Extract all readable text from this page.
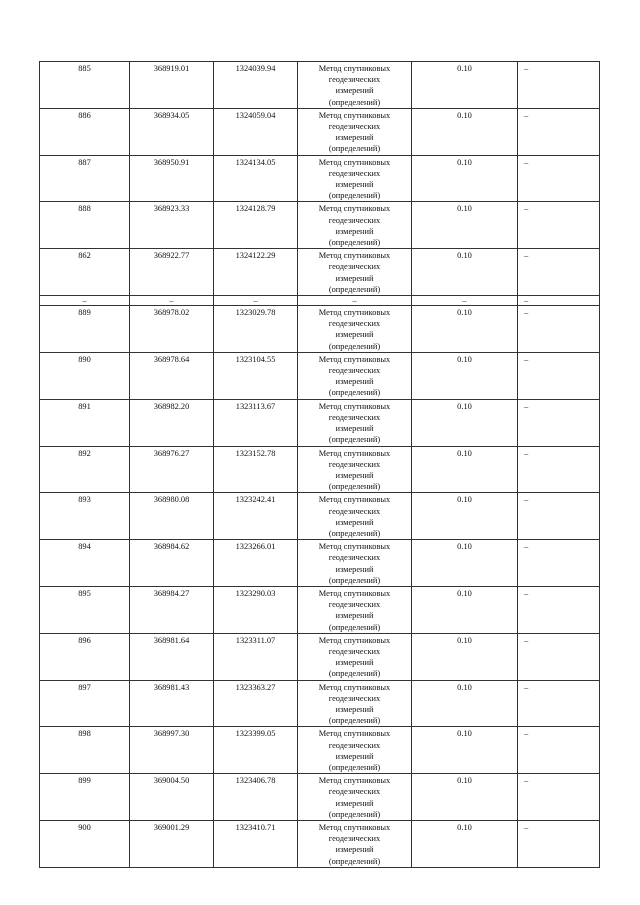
885	368919.01	1324039.94	Метод спутниковых
геодезических
измерений
(определений)	0.10	–
886	368934.05	1324059.04	Метод спутниковых
геодезических
измерений
(определений)	0.10	–
887	368950.91	1324134.05	Метод спутниковых
геодезических
измерений
(определений)	0.10	–
888	368923.33	1324128.79	Метод спутниковых
геодезических
измерений
(определений)	0.10	–
862	368922.77	1324122.29	Метод спутниковых
геодезических
измерений
(определений)	0.10	–
–	–	–	–	–	–
889	368978.02	1323029.78	Метод спутниковых
геодезических
измерений
(определений)	0.10	–
890	368978.64	1323104.55	Метод спутниковых
геодезических
измерений
(определений)	0.10	–
891	368982.20	1323113.67	Метод спутниковых
геодезических
измерений
(определений)	0.10	–
892	368976.27	1323152.78	Метод спутниковых
геодезических
измерений
(определений)	0.10	–
893	368980.08	1323242.41	Метод спутниковых
геодезических
измерений
(определений)	0.10	–
894	368984.62	1323266.01	Метод спутниковых
геодезических
измерений
(определений)	0.10	–
895	368984.27	1323290.03	Метод спутниковых
геодезических
измерений
(определений)	0.10	–
896	368981.64	1323311.07	Метод спутниковых
геодезических
измерений
(определений)	0.10	–
897	368981.43	1323363.27	Метод спутниковых
геодезических
измерений
(определений)	0.10	–
898	368997.30	1323399.05	Метод спутниковых
геодезических
измерений
(определений)	0.10	–
899	369004.50	1323406.78	Метод спутниковых
геодезических
измерений
(определений)	0.10	–
900	369001.29	1323410.71	Метод спутниковых
геодезических
измерений
(определений)	0.10	–
